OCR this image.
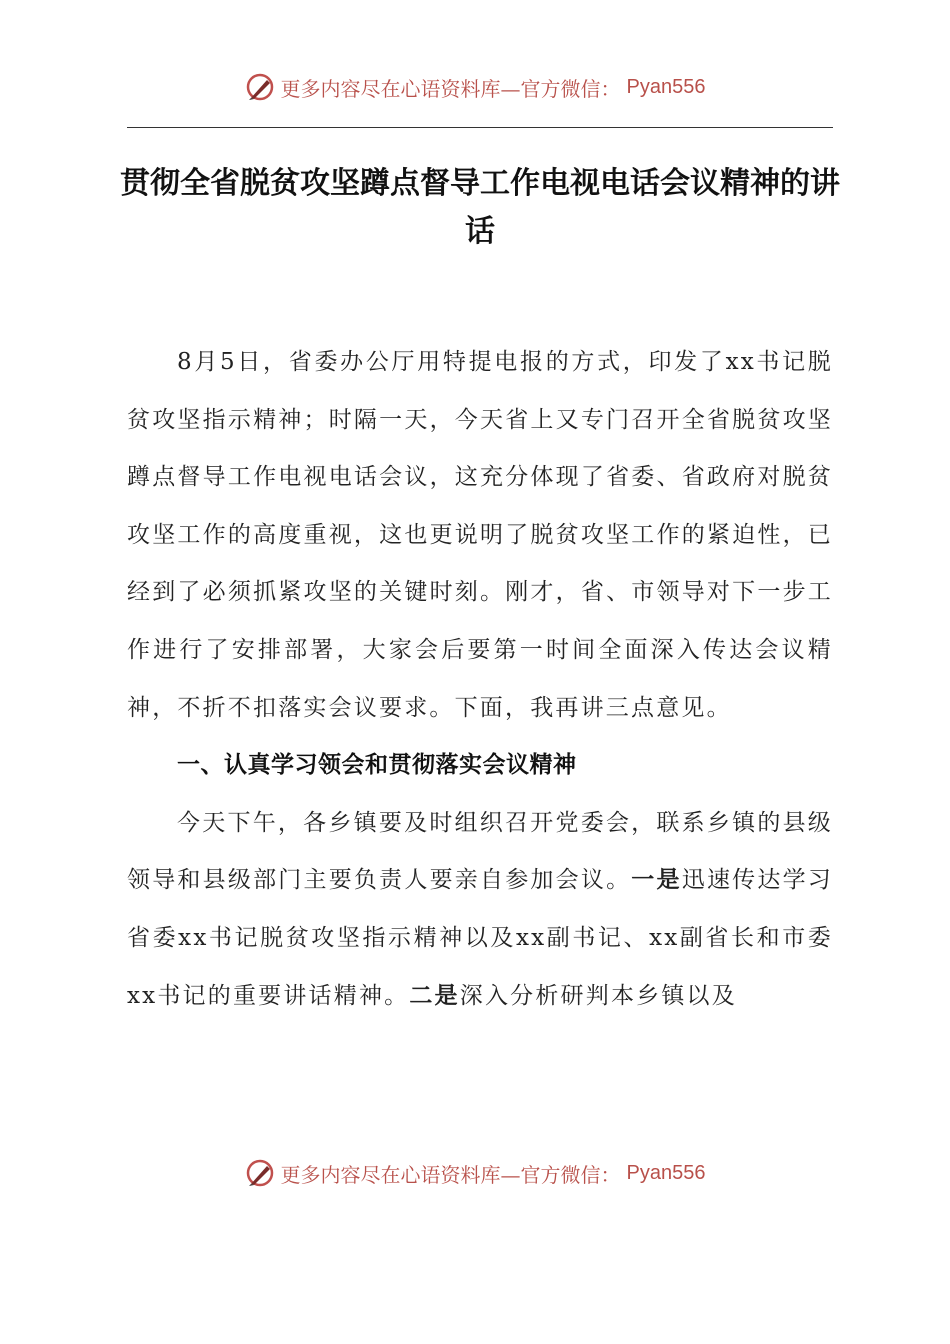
更多内容尽在心语资料库—官方微信： Pyan556
贯彻全省脱贫攻坚蹲点督导工作电视电话会议精神的讲话

8月5日，省委办公厅用特提电报的方式，印发了xx书记脱贫攻坚指示精神；时隔一天，今天省上又专门召开全省脱贫攻坚蹲点督导工作电视电话会议，这充分体现了省委、省政府对脱贫攻坚工作的高度重视，这也更说明了脱贫攻坚工作的紧迫性，已经到了必须抓紧攻坚的关键时刻。刚才，省、市领导对下一步工作进行了安排部署，大家会后要第一时间全面深入传达会议精神，不折不扣落实会议要求。下面，我再讲三点意见。

一、认真学习领会和贯彻落实会议精神

今天下午，各乡镇要及时组织召开党委会，联系乡镇的县级领导和县级部门主要负责人要亲自参加会议。一是迅速传达学习省委xx书记脱贫攻坚指示精神以及xx副书记、xx副省长和市委xx书记的重要讲话精神。二是深入分析研判本乡镇以及

更多内容尽在心语资料库—官方微信： Pyan556
